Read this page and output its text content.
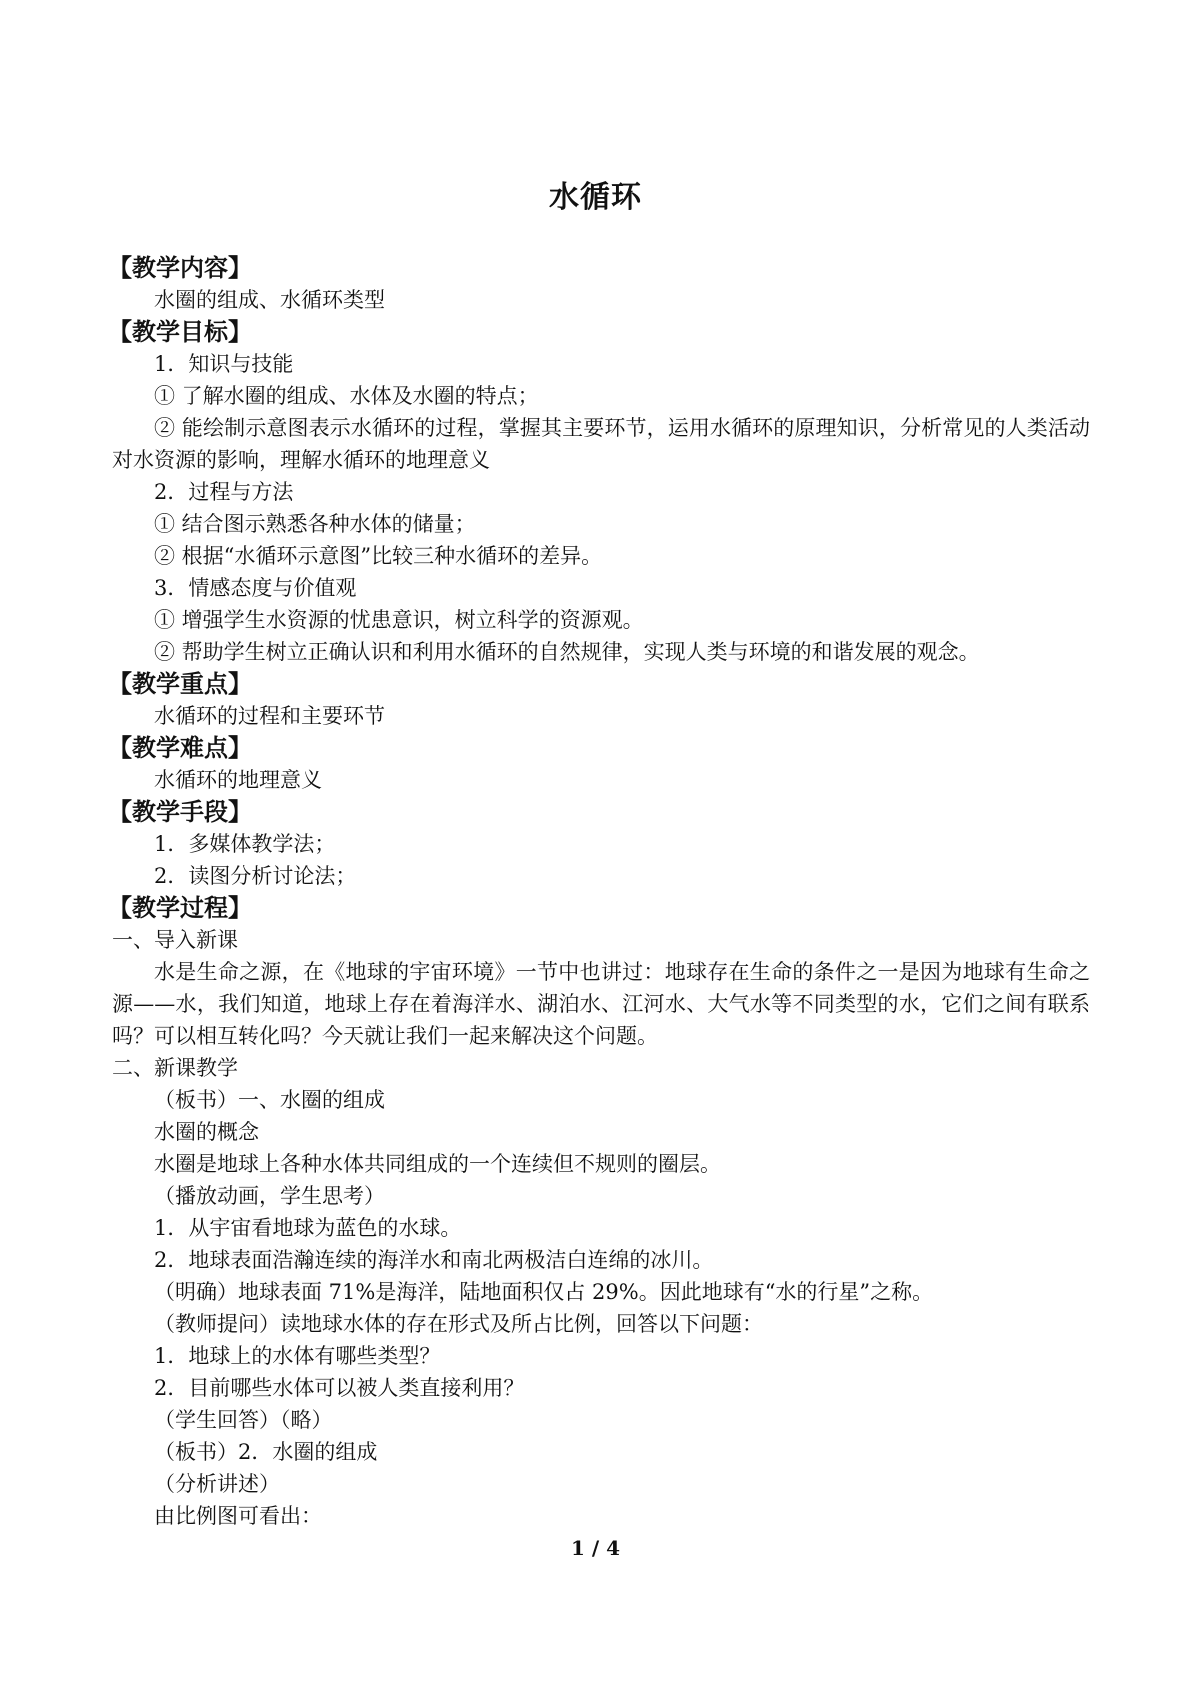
水循环
【教学内容】
水圈的组成、水循环类型
【教学目标】
1．知识与技能
① 了解水圈的组成、水体及水圈的特点；
② 能绘制示意图表示水循环的过程，掌握其主要环节，运用水循环的原理知识，分析常见的人类活动对水资源的影响，理解水循环的地理意义
2．过程与方法
① 结合图示熟悉各种水体的储量；
② 根据“水循环示意图”比较三种水循环的差异。
3．情感态度与价值观
① 增强学生水资源的忧患意识，树立科学的资源观。
② 帮助学生树立正确认识和利用水循环的自然规律，实现人类与环境的和谐发展的观念。
【教学重点】
水循环的过程和主要环节
【教学难点】
水循环的地理意义
【教学手段】
1．多媒体教学法；
2．读图分析讨论法；
【教学过程】
一、导入新课
水是生命之源，在《地球的宇宙环境》一节中也讲过：地球存在生命的条件之一是因为地球有生命之源——水，我们知道，地球上存在着海洋水、湖泊水、江河水、大气水等不同类型的水，它们之间有联系吗？可以相互转化吗？今天就让我们一起来解决这个问题。
二、新课教学
（板书）一、水圈的组成
水圈的概念
水圈是地球上各种水体共同组成的一个连续但不规则的圈层。
（播放动画，学生思考）
1．从宇宙看地球为蓝色的水球。
2．地球表面浩瀚连续的海洋水和南北两极洁白连绵的冰川。
（明确）地球表面 71%是海洋，陆地面积仅占 29%。因此地球有“水的行星”之称。
（教师提问）读地球水体的存在形式及所占比例，回答以下问题：
1．地球上的水体有哪些类型？
2．目前哪些水体可以被人类直接利用？
（学生回答）（略）
（板书）2．水圈的组成
（分析讲述）
由比例图可看出：
1 / 4
